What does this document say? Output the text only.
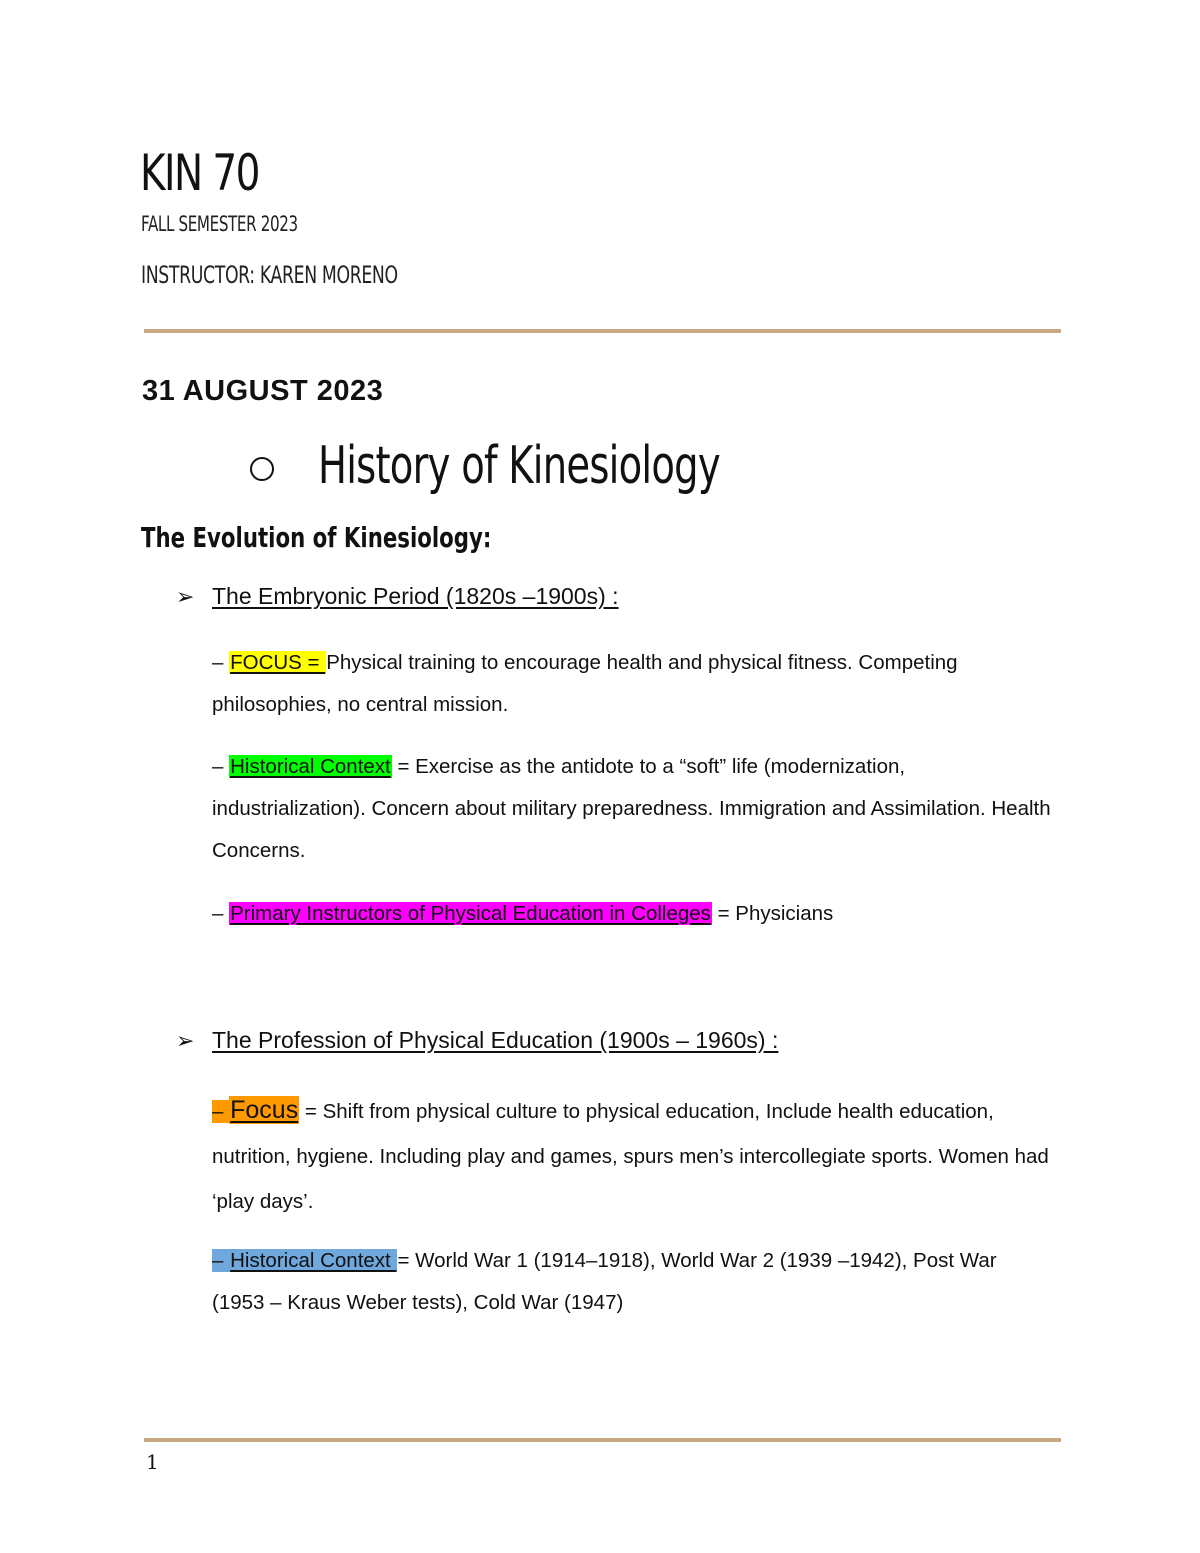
KIN 70

FALL SEMESTER 2023

INSTRUCTOR: KAREN MORENO

31 AUGUST 2023
History of Kinesiology
The Evolution of Kinesiology:
➢ The Embryonic Period (1820s –1900s) :

– FOCUS = Physical training to encourage health and physical fitness. Competing philosophies, no central mission.

– Historical Context = Exercise as the antidote to a “soft” life (modernization, industrialization). Concern about military preparedness. Immigration and Assimilation. Health Concerns.

– Primary Instructors of Physical Education in Colleges = Physicians

➢ The Profession of Physical Education (1900s – 1960s) :

– Focus = Shift from physical culture to physical education, Include health education, nutrition, hygiene. Including play and games, spurs men’s intercollegiate sports. Women had ‘play days’.

– Historical Context = World War 1 (1914–1918), World War 2 (1939 –1942), Post War (1953 – Kraus Weber tests), Cold War (1947)

1
